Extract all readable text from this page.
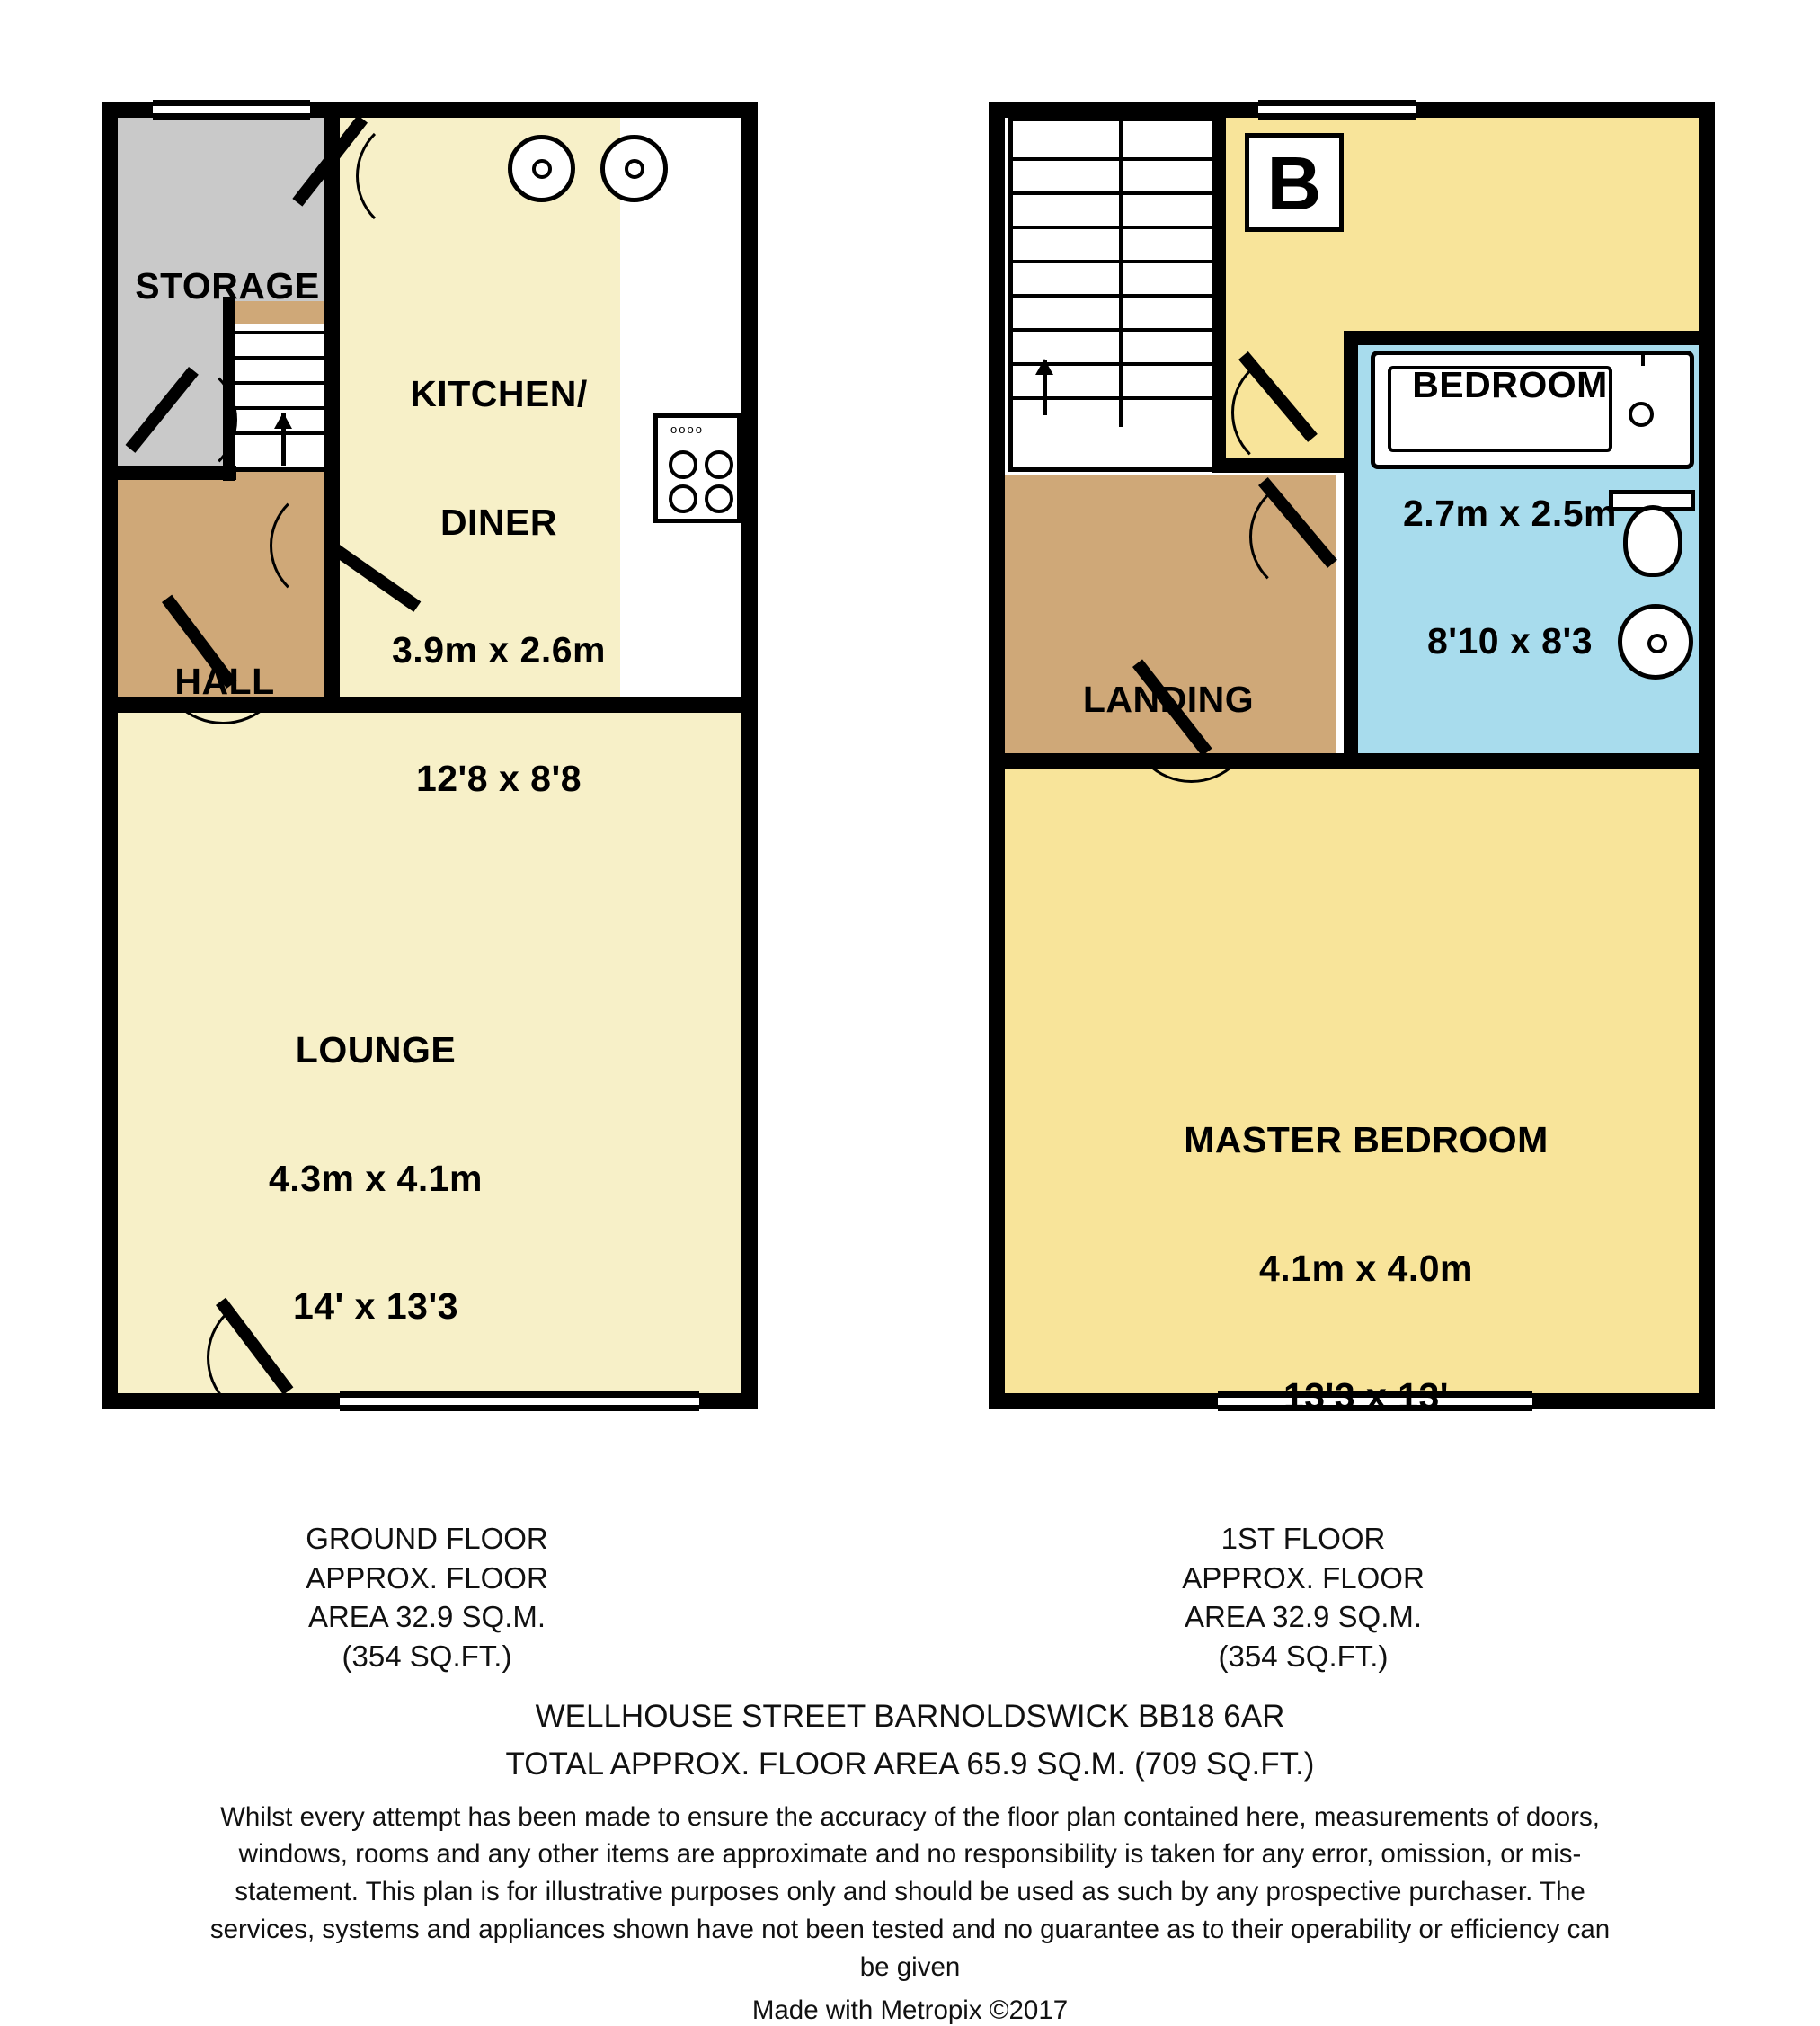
oooo

STORAGE

KITCHEN/

DINER

3.9m x 2.6m

12'8 x 8'8

HALL

LOUNGE

4.3m x 4.1m

14' x 13'3

B

BEDROOM

2.7m x 2.5m

8'10 x 8'3

LANDING

MASTER BEDROOM

4.1m x 4.0m

13'3 x 13'

GROUND FLOOR
APPROX. FLOOR
AREA 32.9 SQ.M.
(354 SQ.FT.)
1ST FLOOR
APPROX. FLOOR
AREA 32.9 SQ.M.
(354 SQ.FT.)
WELLHOUSE STREET BARNOLDSWICK BB18 6AR
TOTAL APPROX. FLOOR AREA 65.9 SQ.M. (709 SQ.FT.)
Whilst every attempt has been made to ensure the accuracy of the floor plan contained here, measurements of doors, windows, rooms and any other items are approximate and no responsibility is taken for any error, omission, or mis-statement. This plan is for illustrative purposes only and should be used as such by any prospective purchaser. The services, systems and appliances shown have not been tested and no guarantee as to their operability or efficiency can be given
Made with Metropix ©2017
